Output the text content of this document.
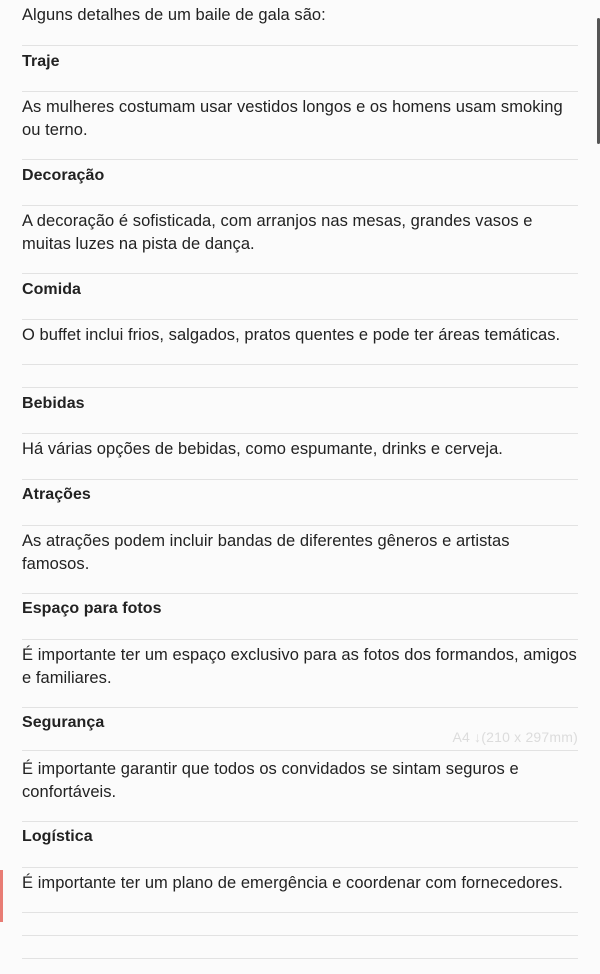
Alguns detalhes de um baile de gala são:
Traje
As mulheres costumam usar vestidos longos e os homens usam smoking ou terno.
Decoração
A decoração é sofisticada, com arranjos nas mesas, grandes vasos e muitas luzes na pista de dança.
Comida
O buffet inclui frios, salgados, pratos quentes e pode ter áreas temáticas.
Bebidas
Há várias opções de bebidas, como espumante, drinks e cerveja.
Atrações
As atrações podem incluir bandas de diferentes gêneros e artistas famosos.
Espaço para fotos
É importante ter um espaço exclusivo para as fotos dos formandos, amigos e familiares.
Segurança
É importante garantir que todos os convidados se sintam seguros e confortáveis.
Logística
É importante ter um plano de emergência e coordenar com fornecedores.
A4 ↓(210 x 297mm)
